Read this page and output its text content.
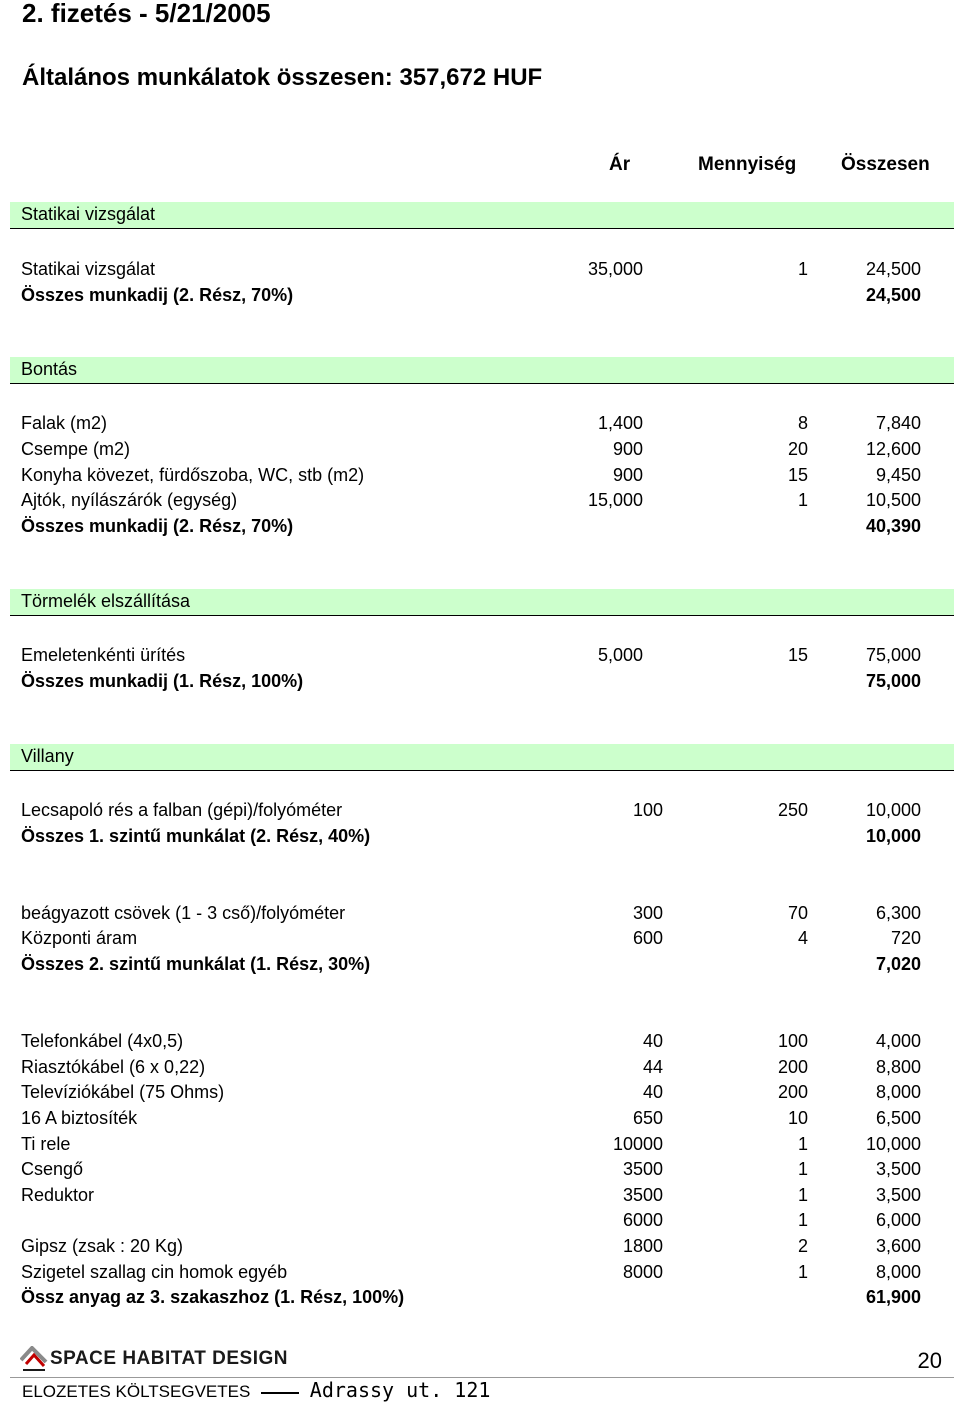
2. fizetés - 5/21/2005
Általános munkálatok összesen: 357,672 HUF
Ár	Mennyiség Összesen
Statikai vizsgálat
Statikai vizsgálat	35,000	1	24,500
Összes munkadij (2. Rész, 70%)	24,500
Bontás
Falak (m2)	1,400	8	7,840
Csempe (m2)	900	20	12,600
Konyha kövezet, fürdőszoba, WC, stb (m2)	900	15	9,450
Ajtók, nyílászárók (egység)	15,000	1	10,500
Összes munkadij (2. Rész, 70%)	40,390
Törmelék elszállítása
Emeletenkénti ürítés	5,000	15	75,000
Összes munkadij (1. Rész, 100%)	75,000
Villany
Lecsapoló rés a falban (gépi)/folyóméter	100	250	10,000
Összes 1. szintű munkálat (2. Rész, 40%)	10,000
beágyazott csövek (1 - 3 cső)/folyóméter	300	70	6,300
Központi áram	600	4	720
Összes 2. szintű munkálat (1. Rész, 30%)	7,020
Telefonkábel (4x0,5)	40	100	4,000
Riasztókábel (6 x 0,22)	44	200	8,800
Televíziókábel (75 Ohms)	40	200	8,000
16 A biztosíték	650	10	6,500
Ti rele	10000	1	10,000
Csengő	3500	1	3,500
Reduktor	3500	1	3,500
6000	1	6,000
Gipsz (zsak : 20 Kg)	1800	2	3,600
Szigetel szallag cin homok egyéb	8000	1	8,000
Össz anyag az 3. szakaszhoz (1. Rész, 100%)	61,900
SPACE HABITAT DESIGN
ELOZETES KÖLTSEGVETES	Adrassy ut. 121
20
